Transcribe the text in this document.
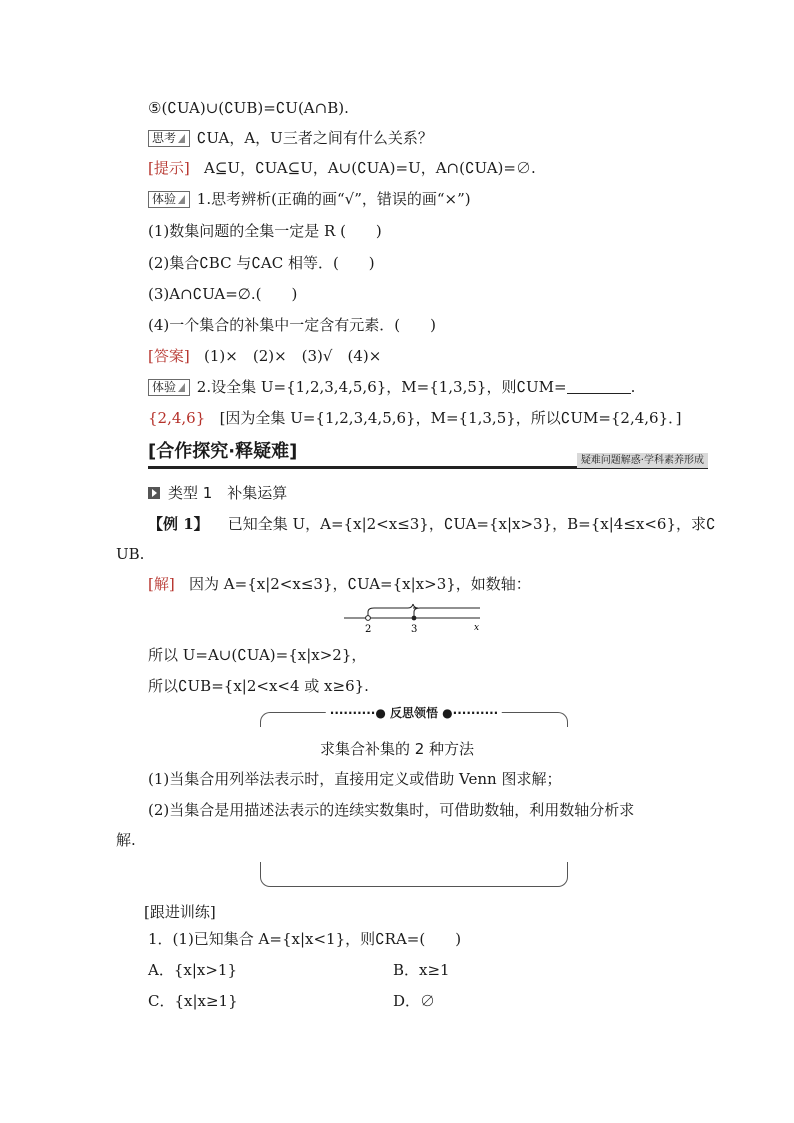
⑤(∁UA)∪(∁UB)=∁U(A∩B).
思考 ∁UA，A，U三者之间有什么关系？
[提示] A⊆U，∁UA⊆U，A∪(∁UA)=U，A∩(∁UA)=∅.
体验 1.思考辨析(正确的画“√”，错误的画“×”)
(1)数集问题的全集一定是 R (　　)
(2)集合∁BC 与∁AC 相等．(　　)
(3)A∩∁UA=∅.(　　)
(4)一个集合的补集中一定含有元素．(　　)
[答案] (1)×　(2)×　(3)√　(4)×
体验 2.设全集 U={1,2,3,4,5,6}，M={1,3,5}，则∁UM=	.
{2,4,6} [因为全集 U={1,2,3,4,5,6}，M={1,3,5}，所以∁UM={2,4,6}．]
[合作探究·释疑难]	疑难问题解惑·学科素养形成
类型 1　补集运算
【例 1】 已知全集 U，A={x|2<x≤3}，∁UA={x|x>3}，B={x|4≤x<6}，求∁
UB.
[解] 因为 A={x|2<x≤3}，∁UA={x|x>3}，如数轴：
2	3	x
所以 U=A∪(∁UA)={x|x>2}，
所以∁UB={x|2<x<4 或 x≥6}.
··········● 反思领悟 ●··········
求集合补集的 2 种方法
(1)当集合用列举法表示时，直接用定义或借助 Venn 图求解；
(2)当集合是用描述法表示的连续实数集时，可借助数轴，利用数轴分析求
解.
[跟进训练]
1．(1)已知集合 A={x|x<1}，则∁RA=(　　)
A．{x|x>1}	B．x≥1
C．{x|x≥1}	D．∅
